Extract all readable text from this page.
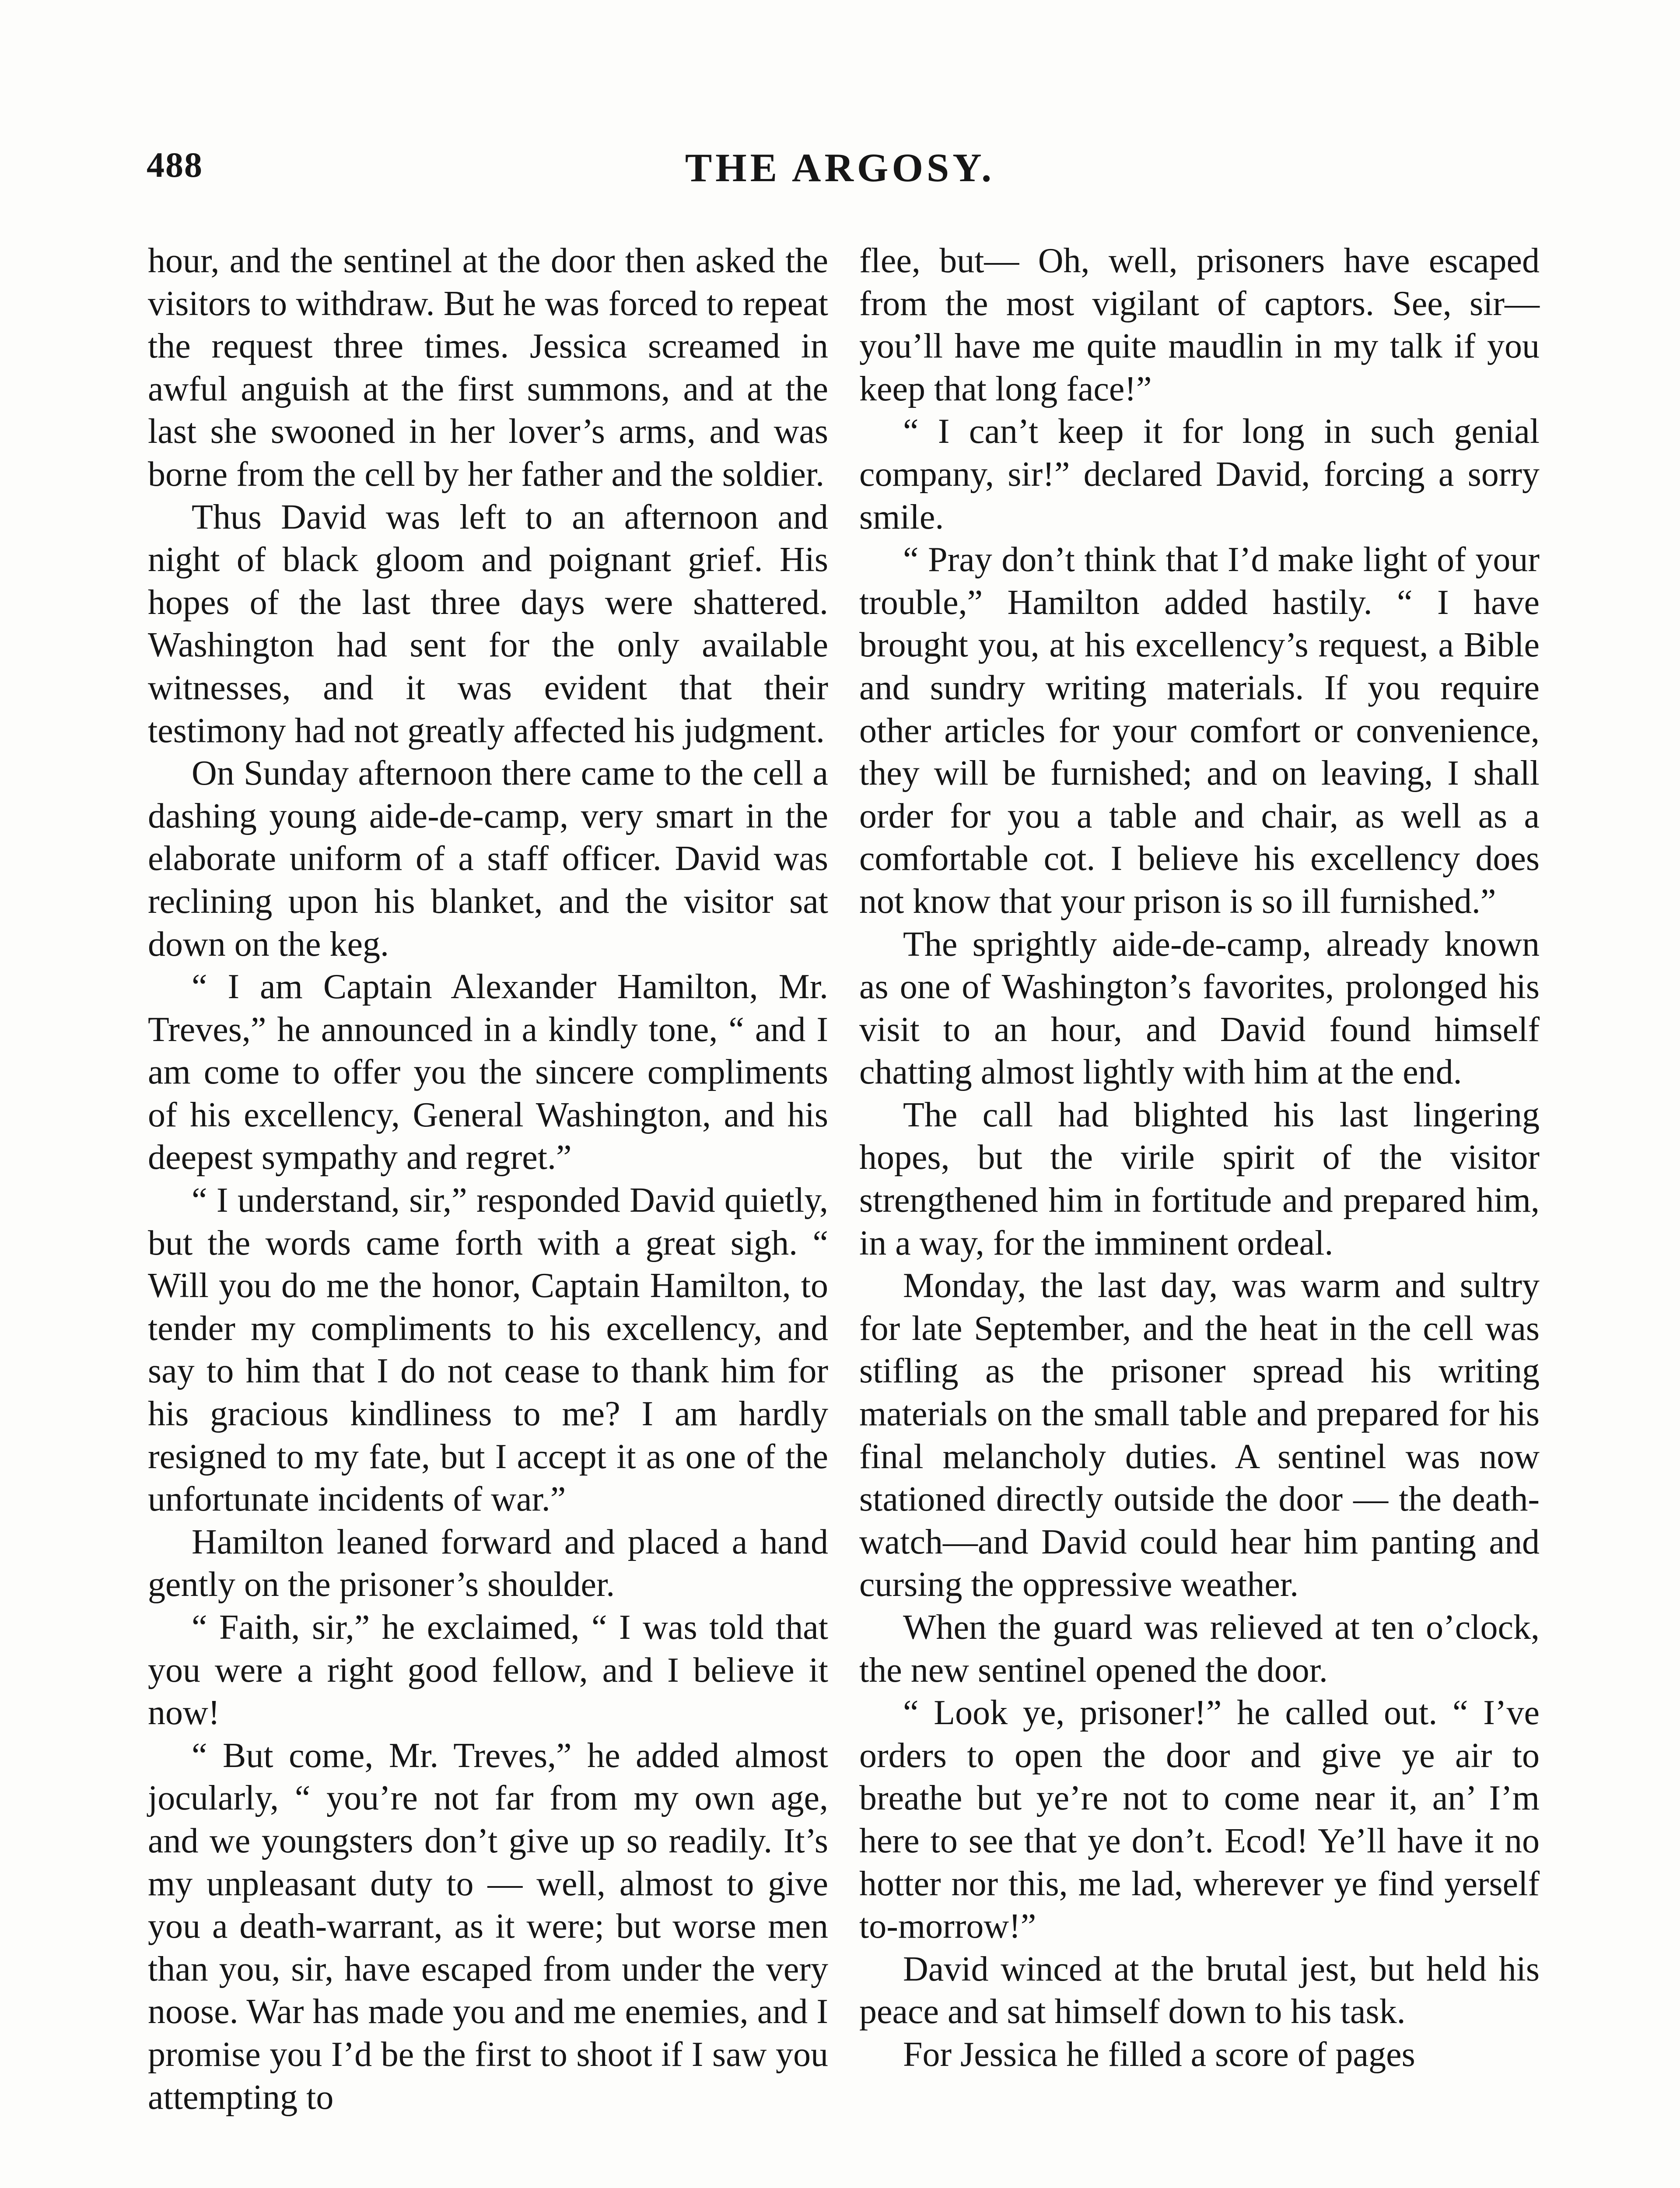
488	THE ARGOSY.

hour, and the sentinel at the door then asked the visitors to withdraw. But he was forced to repeat the request three times. Jessica screamed in awful anguish at the first summons, and at the last she swooned in her lover’s arms, and was borne from the cell by her father and the soldier.

Thus David was left to an afternoon and night of black gloom and poignant grief. His hopes of the last three days were shattered. Washington had sent for the only available witnesses, and it was evident that their testimony had not greatly affected his judgment.

On Sunday afternoon there came to the cell a dashing young aide-de-camp, very smart in the elaborate uniform of a staff officer. David was reclining upon his blanket, and the visitor sat down on the keg.

“ I am Captain Alexander Hamilton, Mr. Treves,” he announced in a kindly tone, “ and I am come to offer you the sincere compliments of his excellency, General Washington, and his deepest sympathy and regret.”

“ I understand, sir,” responded David quietly, but the words came forth with a great sigh. “ Will you do me the honor, Captain Hamilton, to tender my compliments to his excellency, and say to him that I do not cease to thank him for his gracious kindliness to me? I am hardly resigned to my fate, but I accept it as one of the unfortunate incidents of war.”

Hamilton leaned forward and placed a hand gently on the prisoner’s shoulder.

“ Faith, sir,” he exclaimed, “ I was told that you were a right good fellow, and I believe it now!

“ But come, Mr. Treves,” he added almost jocularly, “ you’re not far from my own age, and we youngsters don’t give up so readily. It’s my unpleasant duty to — well, almost to give you a death-warrant, as it were; but worse men than you, sir, have escaped from under the very noose. War has made you and me enemies, and I promise you I’d be the first to shoot if I saw you attempting to

flee, but— Oh, well, prisoners have escaped from the most vigilant of captors. See, sir—you’ll have me quite maudlin in my talk if you keep that long face!”

“ I can’t keep it for long in such genial company, sir!” declared David, forcing a sorry smile.

“ Pray don’t think that I’d make light of your trouble,” Hamilton added hastily. “ I have brought you, at his excellency’s request, a Bible and sundry writing materials. If you require other articles for your comfort or convenience, they will be furnished; and on leaving, I shall order for you a table and chair, as well as a comfortable cot. I believe his excellency does not know that your prison is so ill furnished.”

The sprightly aide-de-camp, already known as one of Washington’s favorites, prolonged his visit to an hour, and David found himself chatting almost lightly with him at the end.

The call had blighted his last lingering hopes, but the virile spirit of the visitor strengthened him in fortitude and prepared him, in a way, for the imminent ordeal.

Monday, the last day, was warm and sultry for late September, and the heat in the cell was stifling as the prisoner spread his writing materials on the small table and prepared for his final melancholy duties. A sentinel was now stationed directly outside the door — the death-watch—and David could hear him panting and cursing the oppressive weather.

When the guard was relieved at ten o’clock, the new sentinel opened the door.

“ Look ye, prisoner!” he called out. “ I’ve orders to open the door and give ye air to breathe but ye’re not to come near it, an’ I’m here to see that ye don’t. Ecod! Ye’ll have it no hotter nor this, me lad, wherever ye find yerself to-morrow!”

David winced at the brutal jest, but held his peace and sat himself down to his task.

For Jessica he filled a score of pages
